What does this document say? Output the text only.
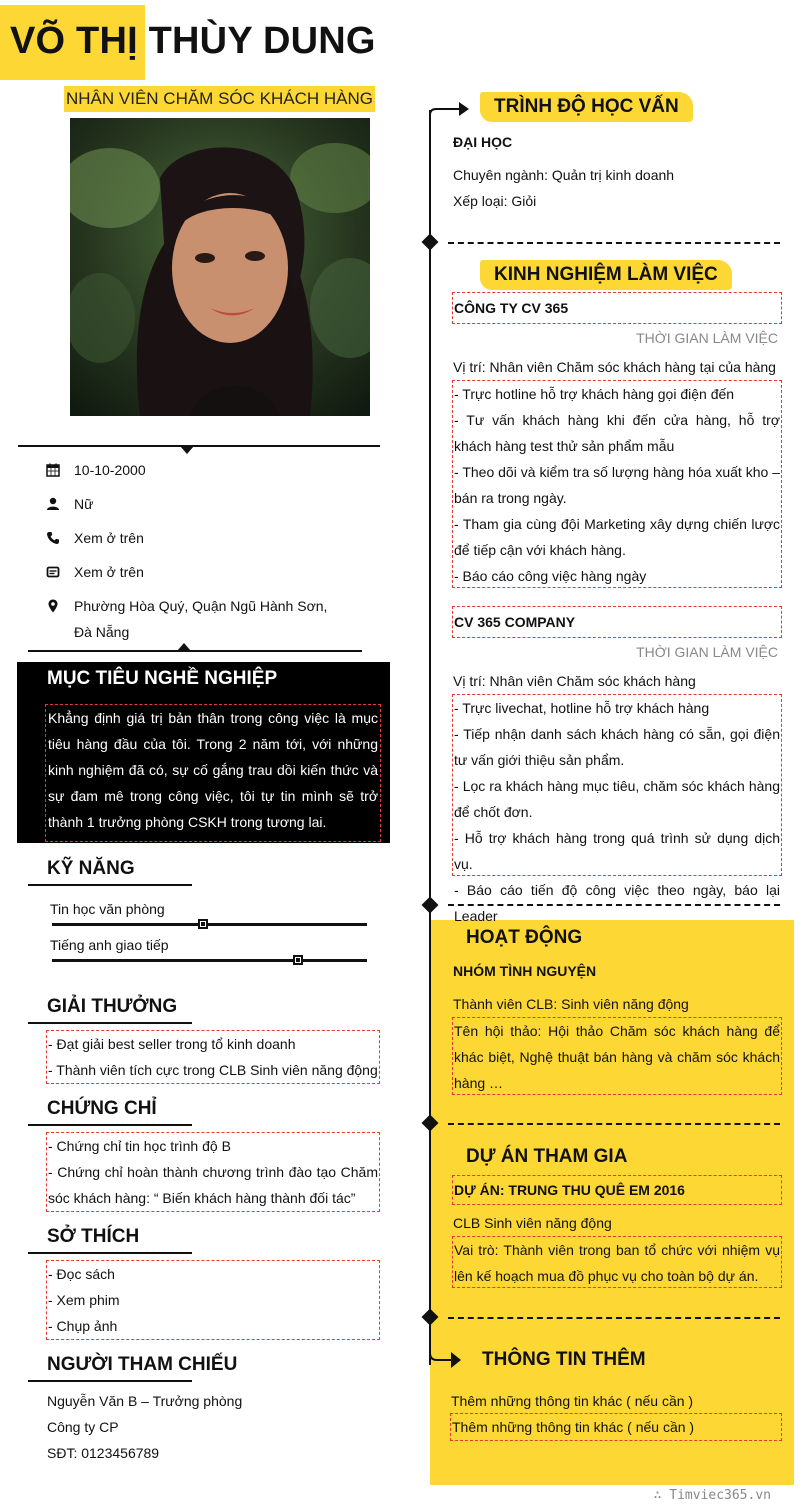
VÕ THỊ THÙY DUNG
NHÂN VIÊN CHĂM SÓC KHÁCH HÀNG
10-10-2000
Nữ
Xem ở trên
Xem ở trên
Phường Hòa Quý, Quận Ngũ Hành Sơn, Đà Nẵng
MỤC TIÊU NGHỀ NGHIỆP
Khẳng định giá trị bản thân trong công việc là mục tiêu hàng đầu của tôi. Trong 2 năm tới, với những kinh nghiệm đã có, sự cố gắng trau dồi kiến thức và sự đam mê trong công việc, tôi tự tin mình sẽ trở thành 1 trưởng phòng CSKH trong tương lai.
KỸ NĂNG
Tin học văn phòng
Tiếng anh giao tiếp
GIẢI THƯỞNG
- Đạt giải best seller trong tổ kinh doanh
- Thành viên tích cực trong CLB Sinh viên năng động
CHỨNG CHỈ
- Chứng chỉ tin học trình độ B
- Chứng chỉ hoàn thành chương trình đào tạo Chăm sóc khách hàng: “ Biến khách hàng thành đối tác”
SỞ THÍCH
- Đọc sách
- Xem phim
- Chụp ảnh
NGƯỜI THAM CHIẾU
Nguyễn Văn B – Trưởng phòng
Công ty CP
SĐT: 0123456789
TRÌNH ĐỘ HỌC VẤN
ĐẠI HỌC
Chuyên ngành: Quản trị kinh doanh
Xếp loại: Giỏi
KINH NGHIỆM LÀM VIỆC
CÔNG TY CV 365
THỜI GIAN LÀM VIỆC
Vị trí: Nhân viên Chăm sóc khách hàng tại của hàng
- Trực hotline hỗ trợ khách hàng gọi điện đến
- Tư vấn khách hàng khi đến cửa hàng, hỗ trợ khách hàng test thử sản phẩm mẫu
- Theo dõi và kiểm tra số lượng hàng hóa xuất kho – bán ra trong ngày.
- Tham gia cùng đội Marketing xây dựng chiến lược để tiếp cận với khách hàng.
- Báo cáo công việc hàng ngày
CV 365 COMPANY
THỜI GIAN LÀM VIỆC
Vị trí: Nhân viên Chăm sóc khách hàng
- Trực livechat, hotline hỗ trợ khách hàng
- Tiếp nhận danh sách khách hàng có sẵn, gọi điện tư vấn giới thiệu sản phẩm.
- Lọc ra khách hàng mục tiêu, chăm sóc khách hàng để chốt đơn.
- Hỗ trợ khách hàng trong quá trình sử dụng dịch vụ.
- Báo cáo tiến độ công việc theo ngày, báo lại Leader
HOẠT ĐỘNG
NHÓM TÌNH NGUYỆN
Thành viên CLB: Sinh viên năng động
Tên hội thảo: Hội thảo Chăm sóc khách hàng để khác biệt, Nghệ thuật bán hàng và chăm sóc khách hàng …
DỰ ÁN THAM GIA
DỰ ÁN: TRUNG THU QUÊ EM 2016
CLB Sinh viên năng động
Vai trò: Thành viên trong ban tổ chức với nhiệm vụ lên kế hoạch mua đồ phục vụ cho toàn bộ dự án.
THÔNG TIN THÊM
Thêm những thông tin khác ( nếu cần )
Thêm những thông tin khác ( nếu cần )
∴ Timviec365.vn
